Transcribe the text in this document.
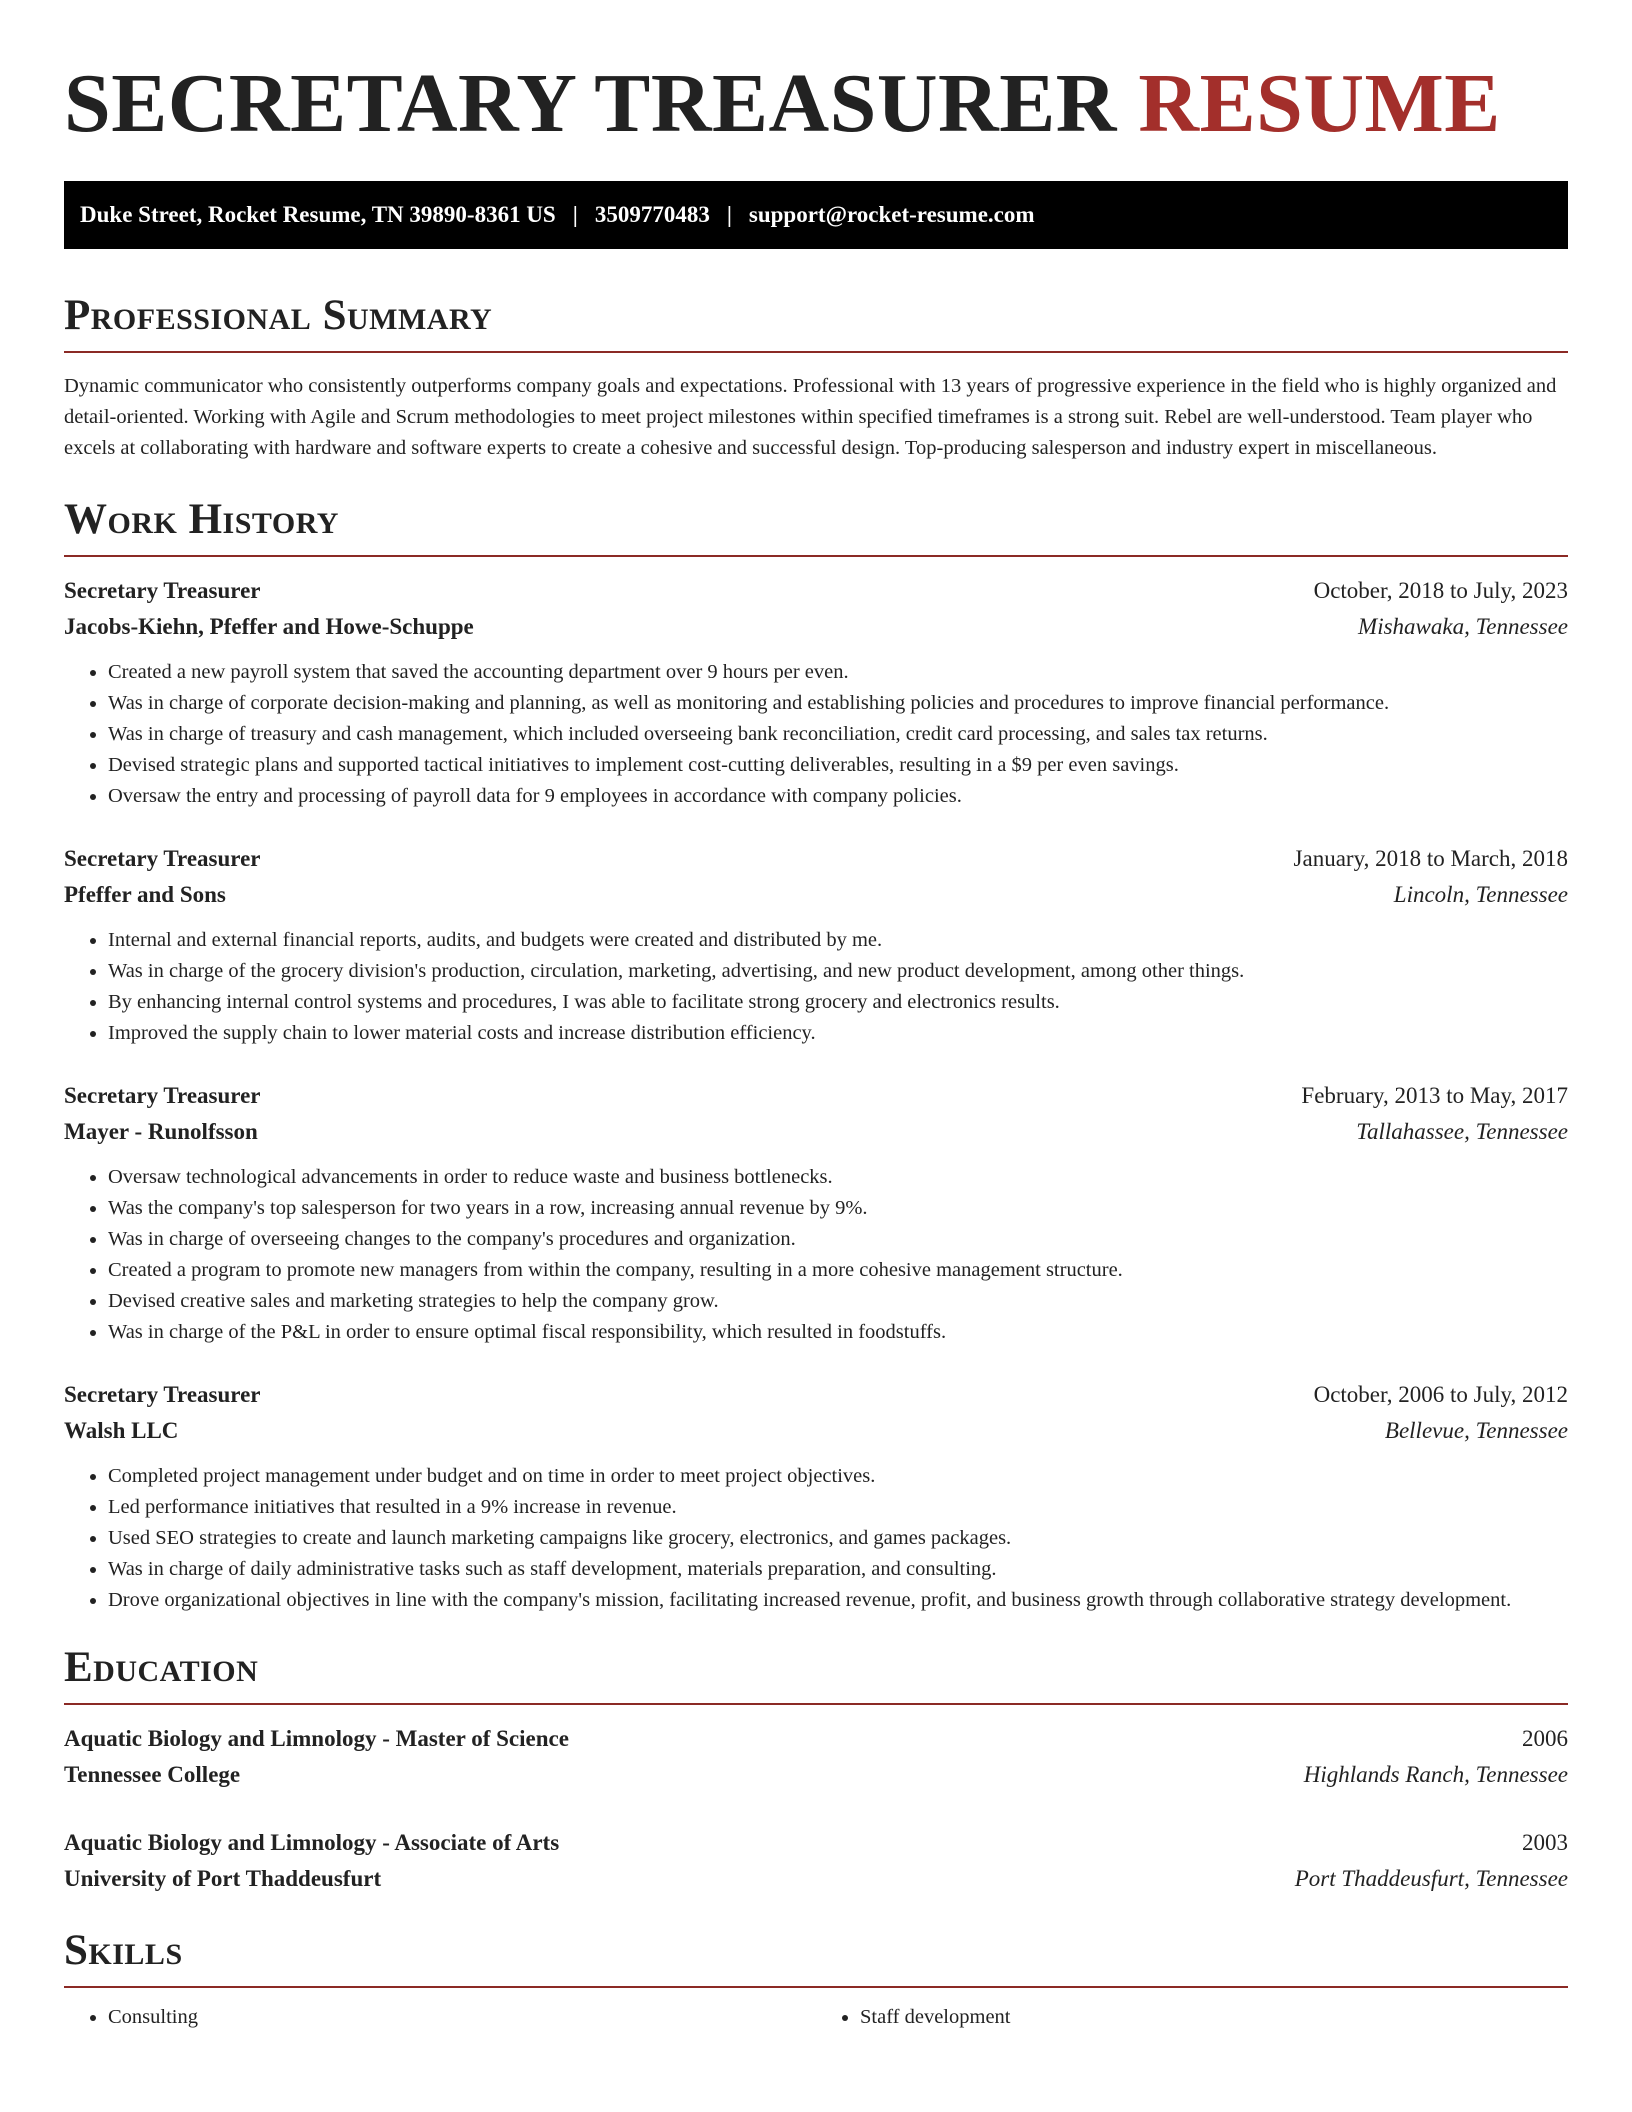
SECRETARY TREASURER RESUME
Duke Street, Rocket Resume, TN 39890-8361 US | 3509770483 | support@rocket-resume.com
Professional Summary

Dynamic communicator who consistently outperforms company goals and expectations. Professional with 13 years of progressive experience in the field who is highly organized and detail-oriented. Working with Agile and Scrum methodologies to meet project milestones within specified timeframes is a strong suit. Rebel are well-understood. Team player who excels at collaborating with hardware and software experts to create a cohesive and successful design. Top-producing salesperson and industry expert in miscellaneous.

Work History
Secretary Treasurer	October, 2018 to July, 2023
Jacobs-Kiehn, Pfeffer and Howe-Schuppe	Mishawaka, Tennessee
• Created a new payroll system that saved the accounting department over 9 hours per even.
• Was in charge of corporate decision-making and planning, as well as monitoring and establishing policies and procedures to improve financial performance.
• Was in charge of treasury and cash management, which included overseeing bank reconciliation, credit card processing, and sales tax returns.
• Devised strategic plans and supported tactical initiatives to implement cost-cutting deliverables, resulting in a $9 per even savings.
• Oversaw the entry and processing of payroll data for 9 employees in accordance with company policies.
Secretary Treasurer	January, 2018 to March, 2018
Pfeffer and Sons	Lincoln, Tennessee
• Internal and external financial reports, audits, and budgets were created and distributed by me.
• Was in charge of the grocery division's production, circulation, marketing, advertising, and new product development, among other things.
• By enhancing internal control systems and procedures, I was able to facilitate strong grocery and electronics results.
• Improved the supply chain to lower material costs and increase distribution efficiency.
Secretary Treasurer	February, 2013 to May, 2017
Mayer - Runolfsson	Tallahassee, Tennessee
• Oversaw technological advancements in order to reduce waste and business bottlenecks.
• Was the company's top salesperson for two years in a row, increasing annual revenue by 9%.
• Was in charge of overseeing changes to the company's procedures and organization.
• Created a program to promote new managers from within the company, resulting in a more cohesive management structure.
• Devised creative sales and marketing strategies to help the company grow.
• Was in charge of the P&L in order to ensure optimal fiscal responsibility, which resulted in foodstuffs.
Secretary Treasurer	October, 2006 to July, 2012
Walsh LLC	Bellevue, Tennessee
• Completed project management under budget and on time in order to meet project objectives.
• Led performance initiatives that resulted in a 9% increase in revenue.
• Used SEO strategies to create and launch marketing campaigns like grocery, electronics, and games packages.
• Was in charge of daily administrative tasks such as staff development, materials preparation, and consulting.
• Drove organizational objectives in line with the company's mission, facilitating increased revenue, profit, and business growth through collaborative strategy development.
Education
Aquatic Biology and Limnology - Master of Science	2006
Tennessee College	Highlands Ranch, Tennessee
Aquatic Biology and Limnology - Associate of Arts	2003
University of Port Thaddeusfurt	Port Thaddeusfurt, Tennessee
Skills
• Consulting
•	Staff development
